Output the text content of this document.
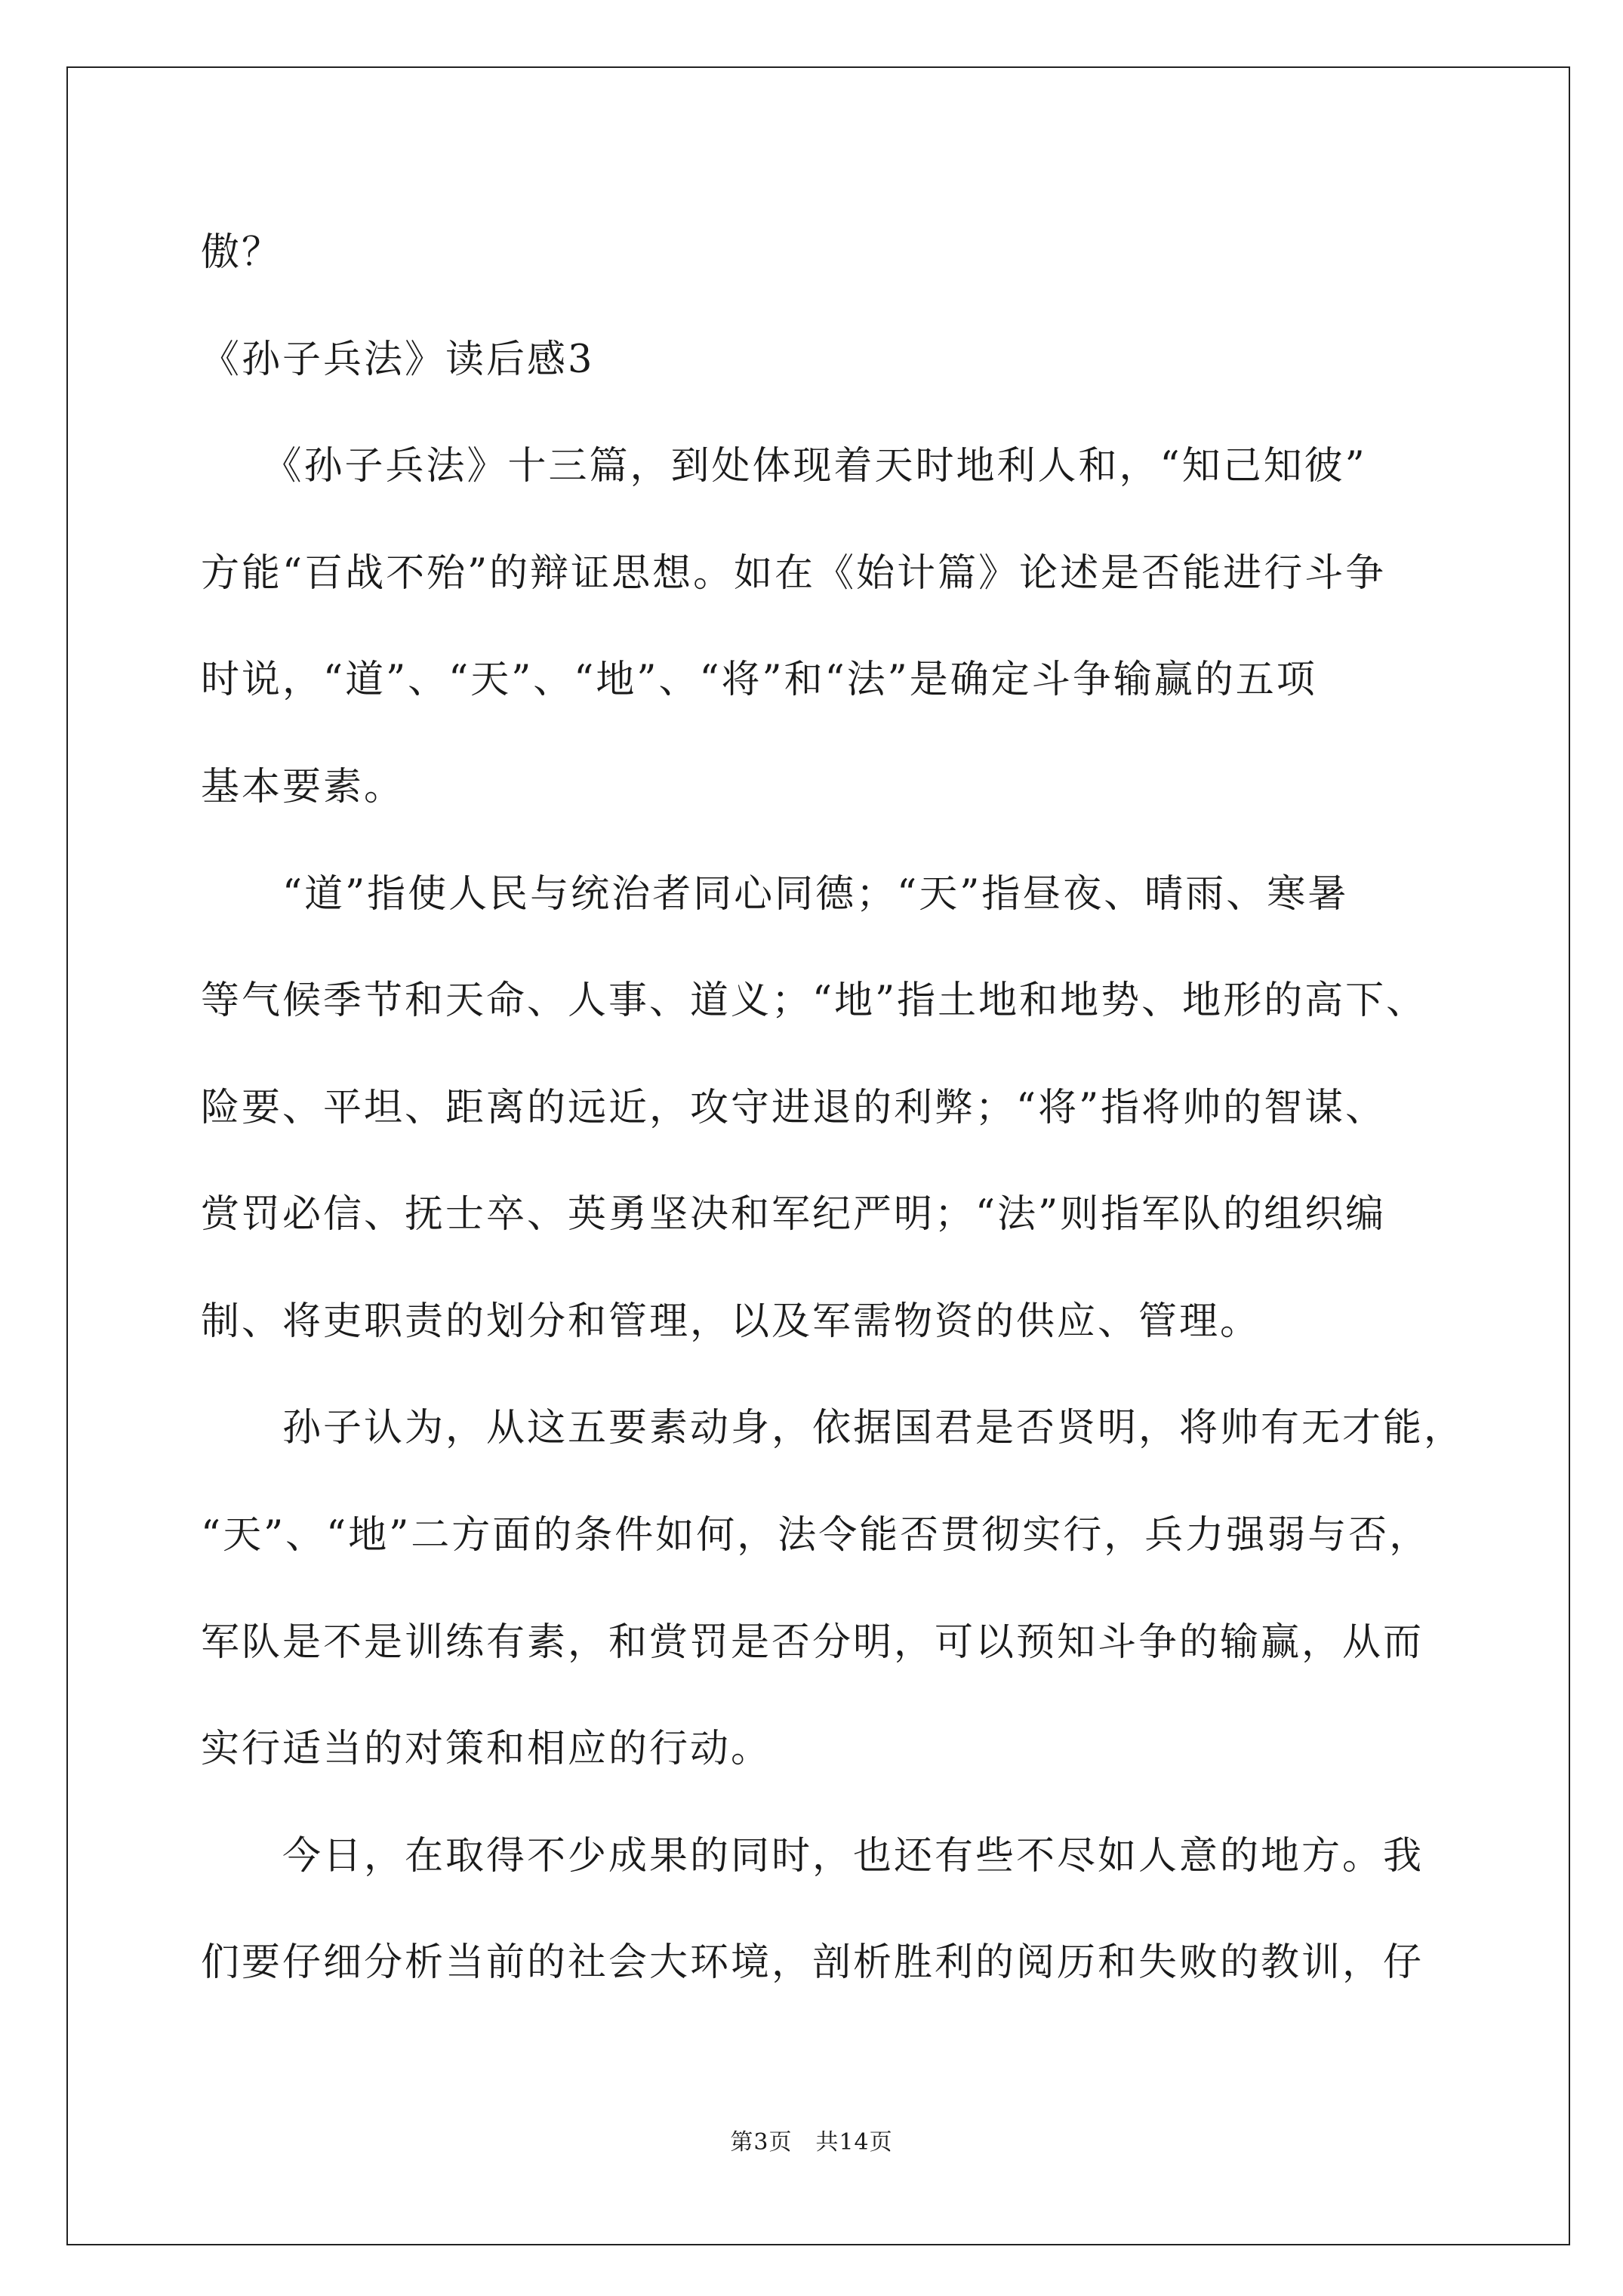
傲？
《孙子兵法》读后感3
　　《孙子兵法》十三篇，到处体现着天时地利人和，“知己知彼”
方能“百战不殆”的辩证思想。如在《始计篇》论述是否能进行斗争
时说，“道”、“天”、“地”、“将”和“法”是确定斗争输赢的五项
基本要素。
　　“道”指使人民与统治者同心同德；“天”指昼夜、晴雨、寒暑
等气候季节和天命、人事、道义；“地”指土地和地势、地形的高下、
险要、平坦、距离的远近，攻守进退的利弊；“将”指将帅的智谋、
赏罚必信、抚士卒、英勇坚决和军纪严明；“法”则指军队的组织编
制、将吏职责的划分和管理，以及军需物资的供应、管理。
　　孙子认为，从这五要素动身，依据国君是否贤明，将帅有无才能，
“天”、“地”二方面的条件如何，法令能否贯彻实行，兵力强弱与否，
军队是不是训练有素，和赏罚是否分明，可以预知斗争的输赢，从而
实行适当的对策和相应的行动。
　　今日，在取得不少成果的同时，也还有些不尽如人意的地方。我
们要仔细分析当前的社会大环境，剖析胜利的阅历和失败的教训，仔
第3页　共14页
